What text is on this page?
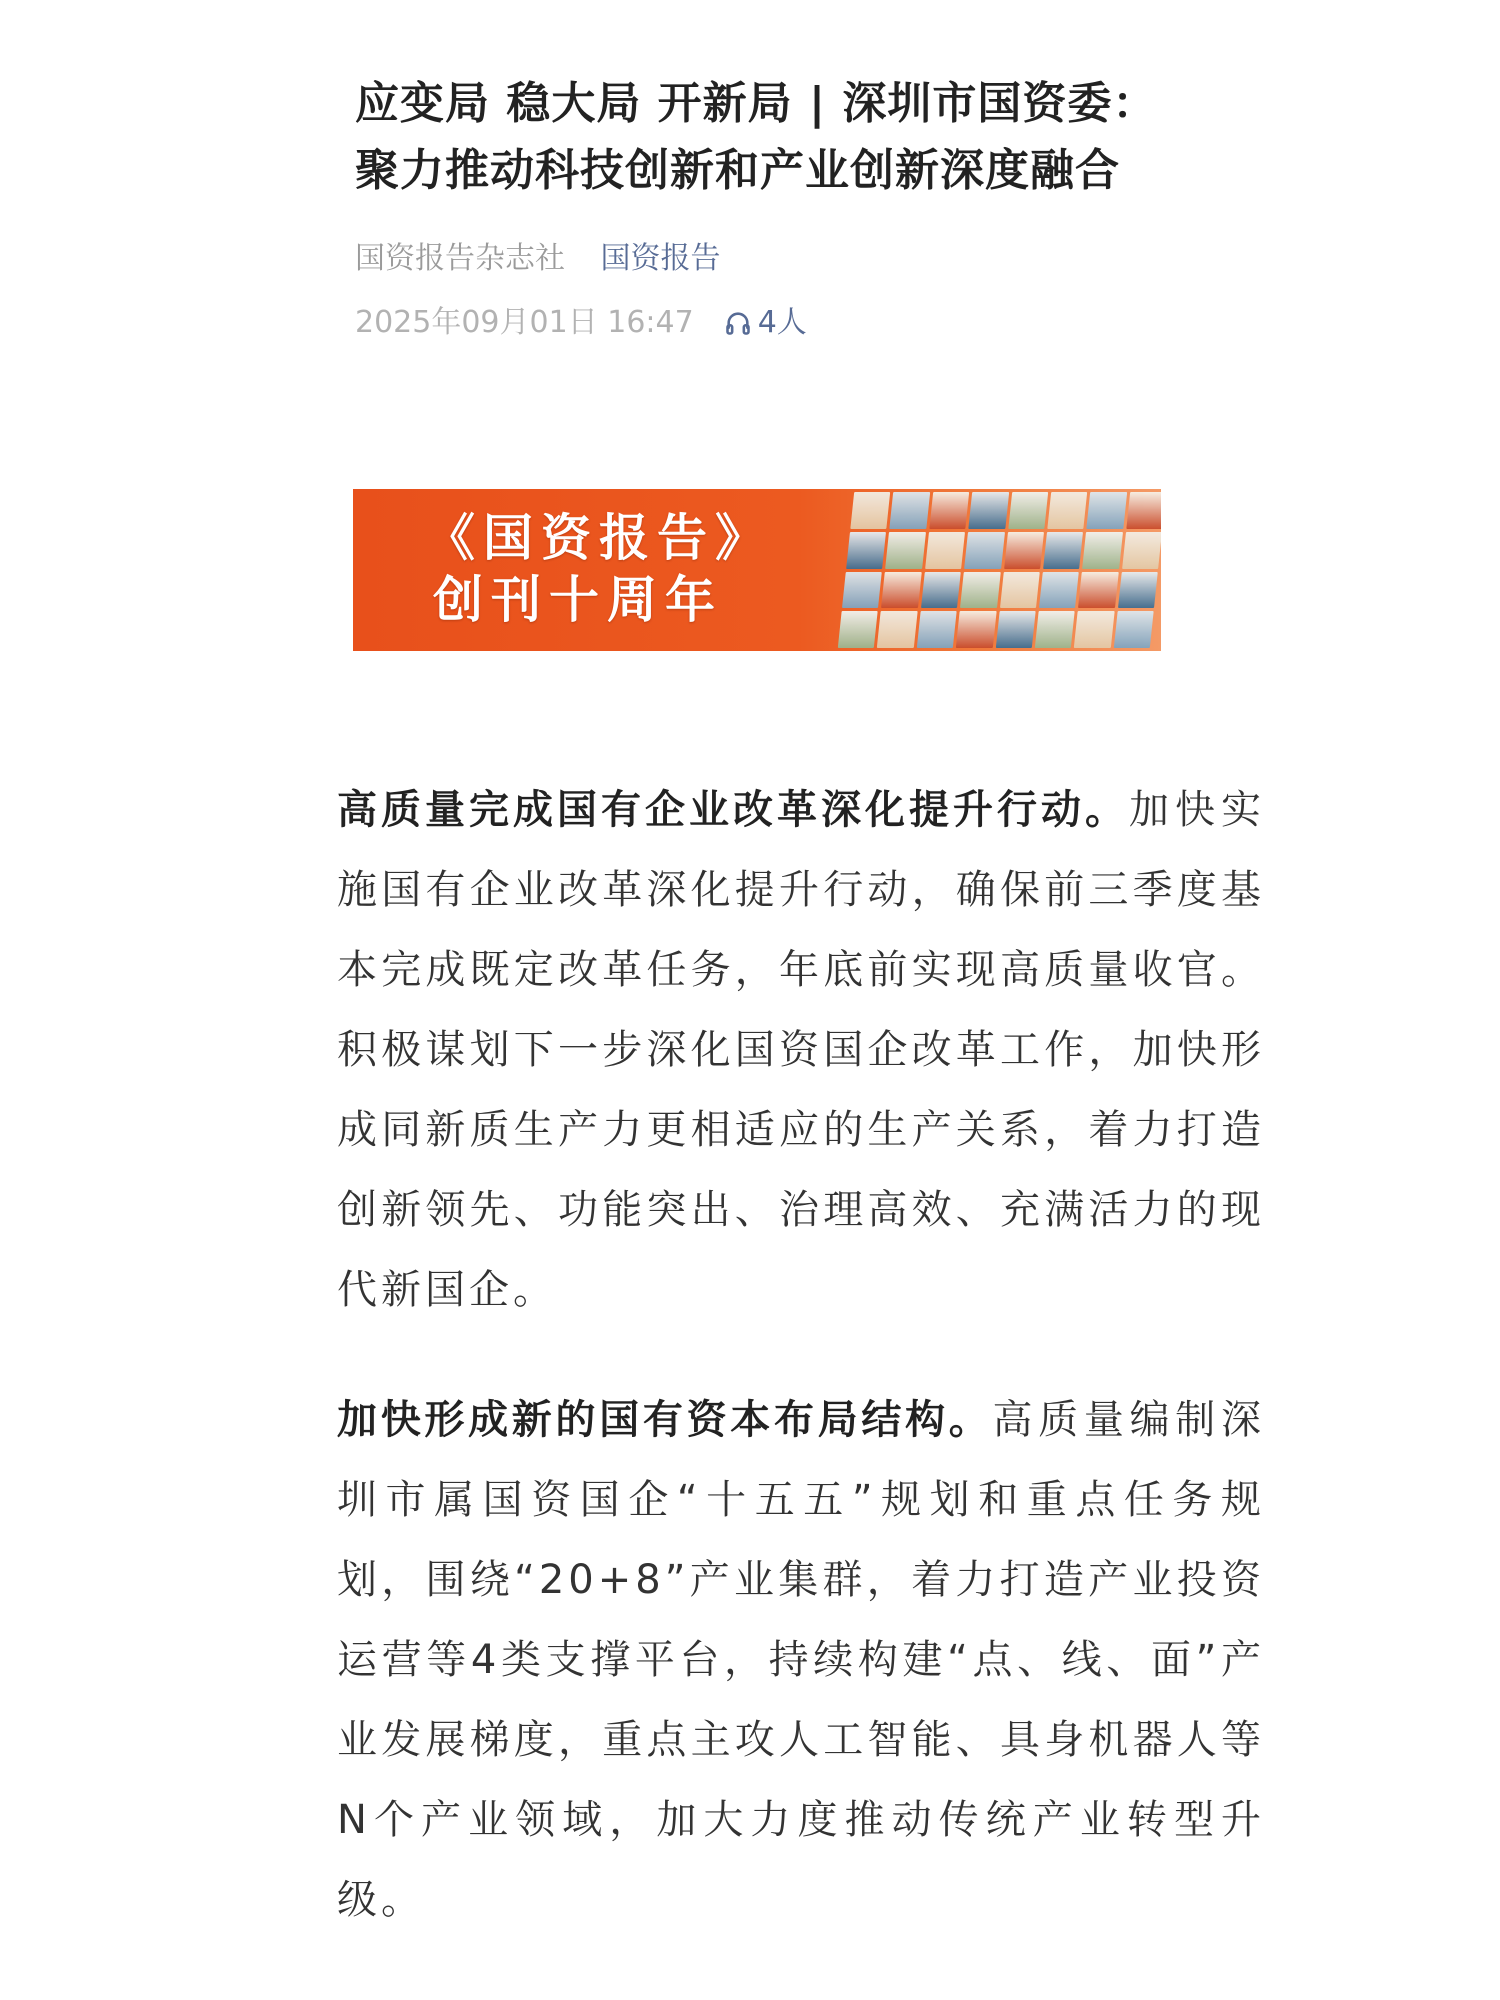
应变局 稳大局 开新局 | 深圳市国资委：聚力推动科技创新和产业创新深度融合
国资报告杂志社 国资报告
2025年09月01日 16:47 4人
《国资报告》
创刊十周年

高质量完成国有企业改革深化提升行动。加快实施国有企业改革深化提升行动，确保前三季度基本完成既定改革任务，年底前实现高质量收官。积极谋划下一步深化国资国企改革工作，加快形成同新质生产力更相适应的生产关系，着力打造创新领先、功能突出、治理高效、充满活力的现代新国企。

加快形成新的国有资本布局结构。高质量编制深圳市属国资国企“十五五”规划和重点任务规划，围绕“20+8”产业集群，着力打造产业投资运营等4类支撑平台，持续构建“点、线、面”产业发展梯度，重点主攻人工智能、具身机器人等N个产业领域，加大力度推动传统产业转型升级。
